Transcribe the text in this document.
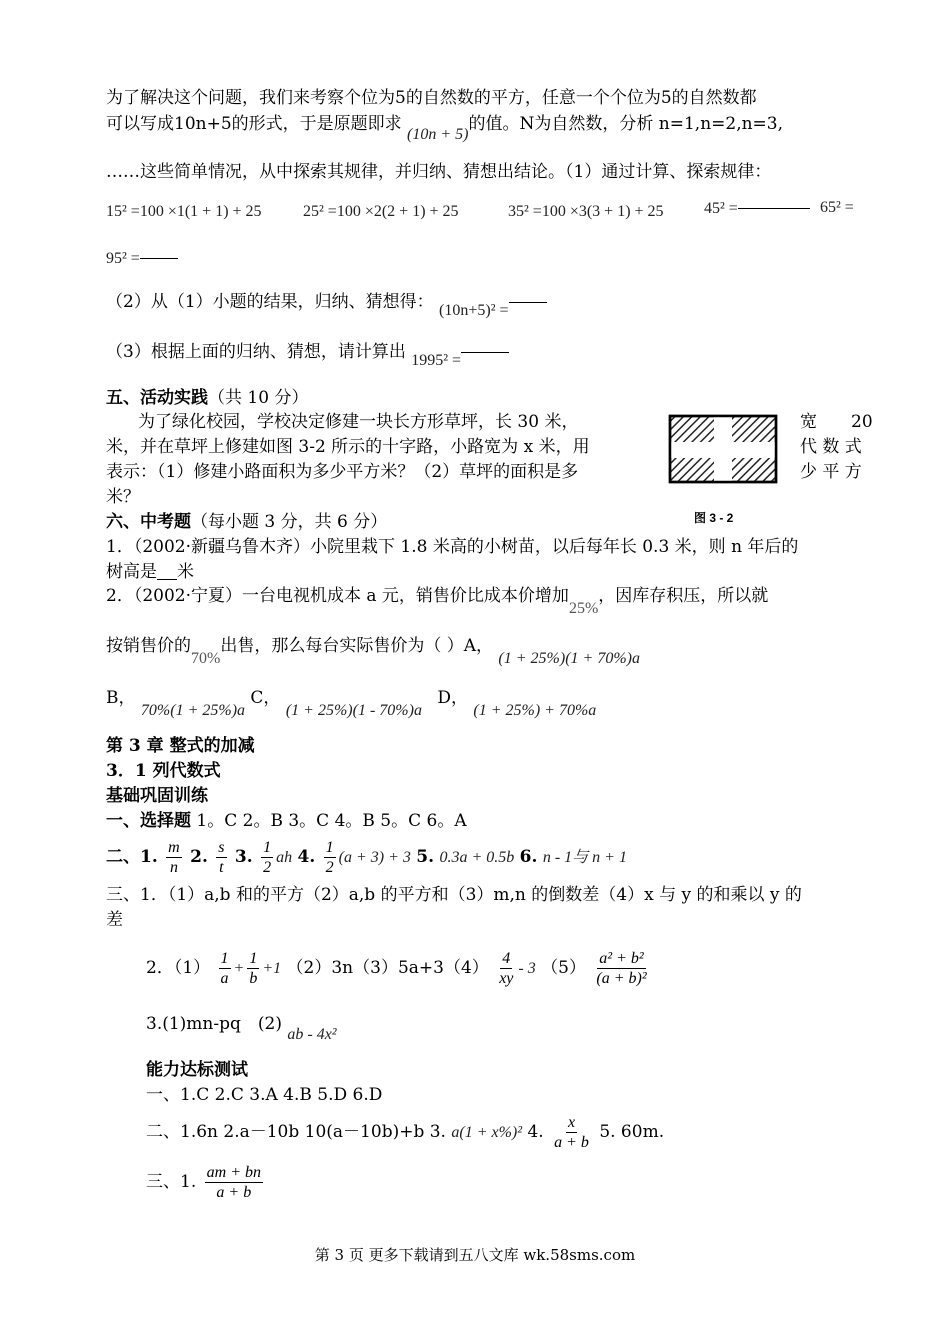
为了解决这个问题，我们来考察个位为5的自然数的平方，任意一个个位为5的自然数都
可以写成10n+5的形式，于是原题即求 (10n + 5)的值。N为自然数，分析 n=1,n=2,n=3,
……这些简单情况，从中探索其规律，并归纳、猜想出结论。（1）通过计算、探索规律：
15² =100 ×1(1 + 1) + 25	25² =100 ×2(2 + 1) + 25	35² =100 ×3(3 + 1) + 25	45² =	65² =
95² =
（2）从（1）小题的结果，归纳、猜想得： (10n+5)² =
（3）根据上面的归纳、猜想，请计算出 1995² =
五、活动实践（共 10 分）
为了绿化校园，学校决定修建一块长方形草坪，长 30 米，	宽　　20
米，并在草坪上修建如图 3-2 所示的十字路，小路宽为 x 米，用	代 数 式
表示：（1）修建小路面积为多少平方米？（2）草坪的面积是多	少 平 方
米？
图 3 - 2
六、中考题（每小题 3 分，共 6 分）
1．（2002·新疆乌鲁木齐）小院里栽下 1.8 米高的小树苗，以后每年长 0.3 米，则 n 年后的
树高是 米
2．（2002·宁夏）一台电视机成本 a 元，销售价比成本价增加25%，因库存积压，所以就
按销售价的70%出售，那么每台实际售价为（ ）A， (1 + 25%)(1 + 70%)a
B， 70%(1 + 25%)a C， (1 + 25%)(1 - 70%)a D， (1 + 25%) + 70%a
第 3 章 整式的加减
3．1 列代数式
基础巩固训练
一、选择题 1。C 2。B 3。C 4。B 5。C 6。A
二、1. $\frac{m}{n} 2$. $\frac{s}{t} 3$. $\frac{1}{2}$ ah 4. $\frac{1}{2} (a + 3) + 3$ 5. 0.3a + 0.5b 6. n - 1与 n + 1
三、1．（1）a,b 和的平方（2）a,b 的平方和（3）m,n 的倒数差（4）x 与 y 的和乘以 y 的
差
2．$(1) \frac{1}{a} + \frac{1}{b} +1$ $(2)3n(3)5a+3(4) \frac{4}{xy} - 3$ $(5) \frac{\text{a² + b²}}{\text{(a + b)²}}$
3.(1)mn-pq　(2) ab - 4x²
能力达标测试
一、1.C 2.C 3.A 4.B 5.D 6.D
二、1.6n 2.a－10b 10(a－10b)+b 3. a(1 + x%)² 4. $\frac{x}{a + b} 5$. 60m.
三、1. $\frac{am + bn}{a + b}$
第 3 页 更多下载请到五八文库 wk.58sms.com
